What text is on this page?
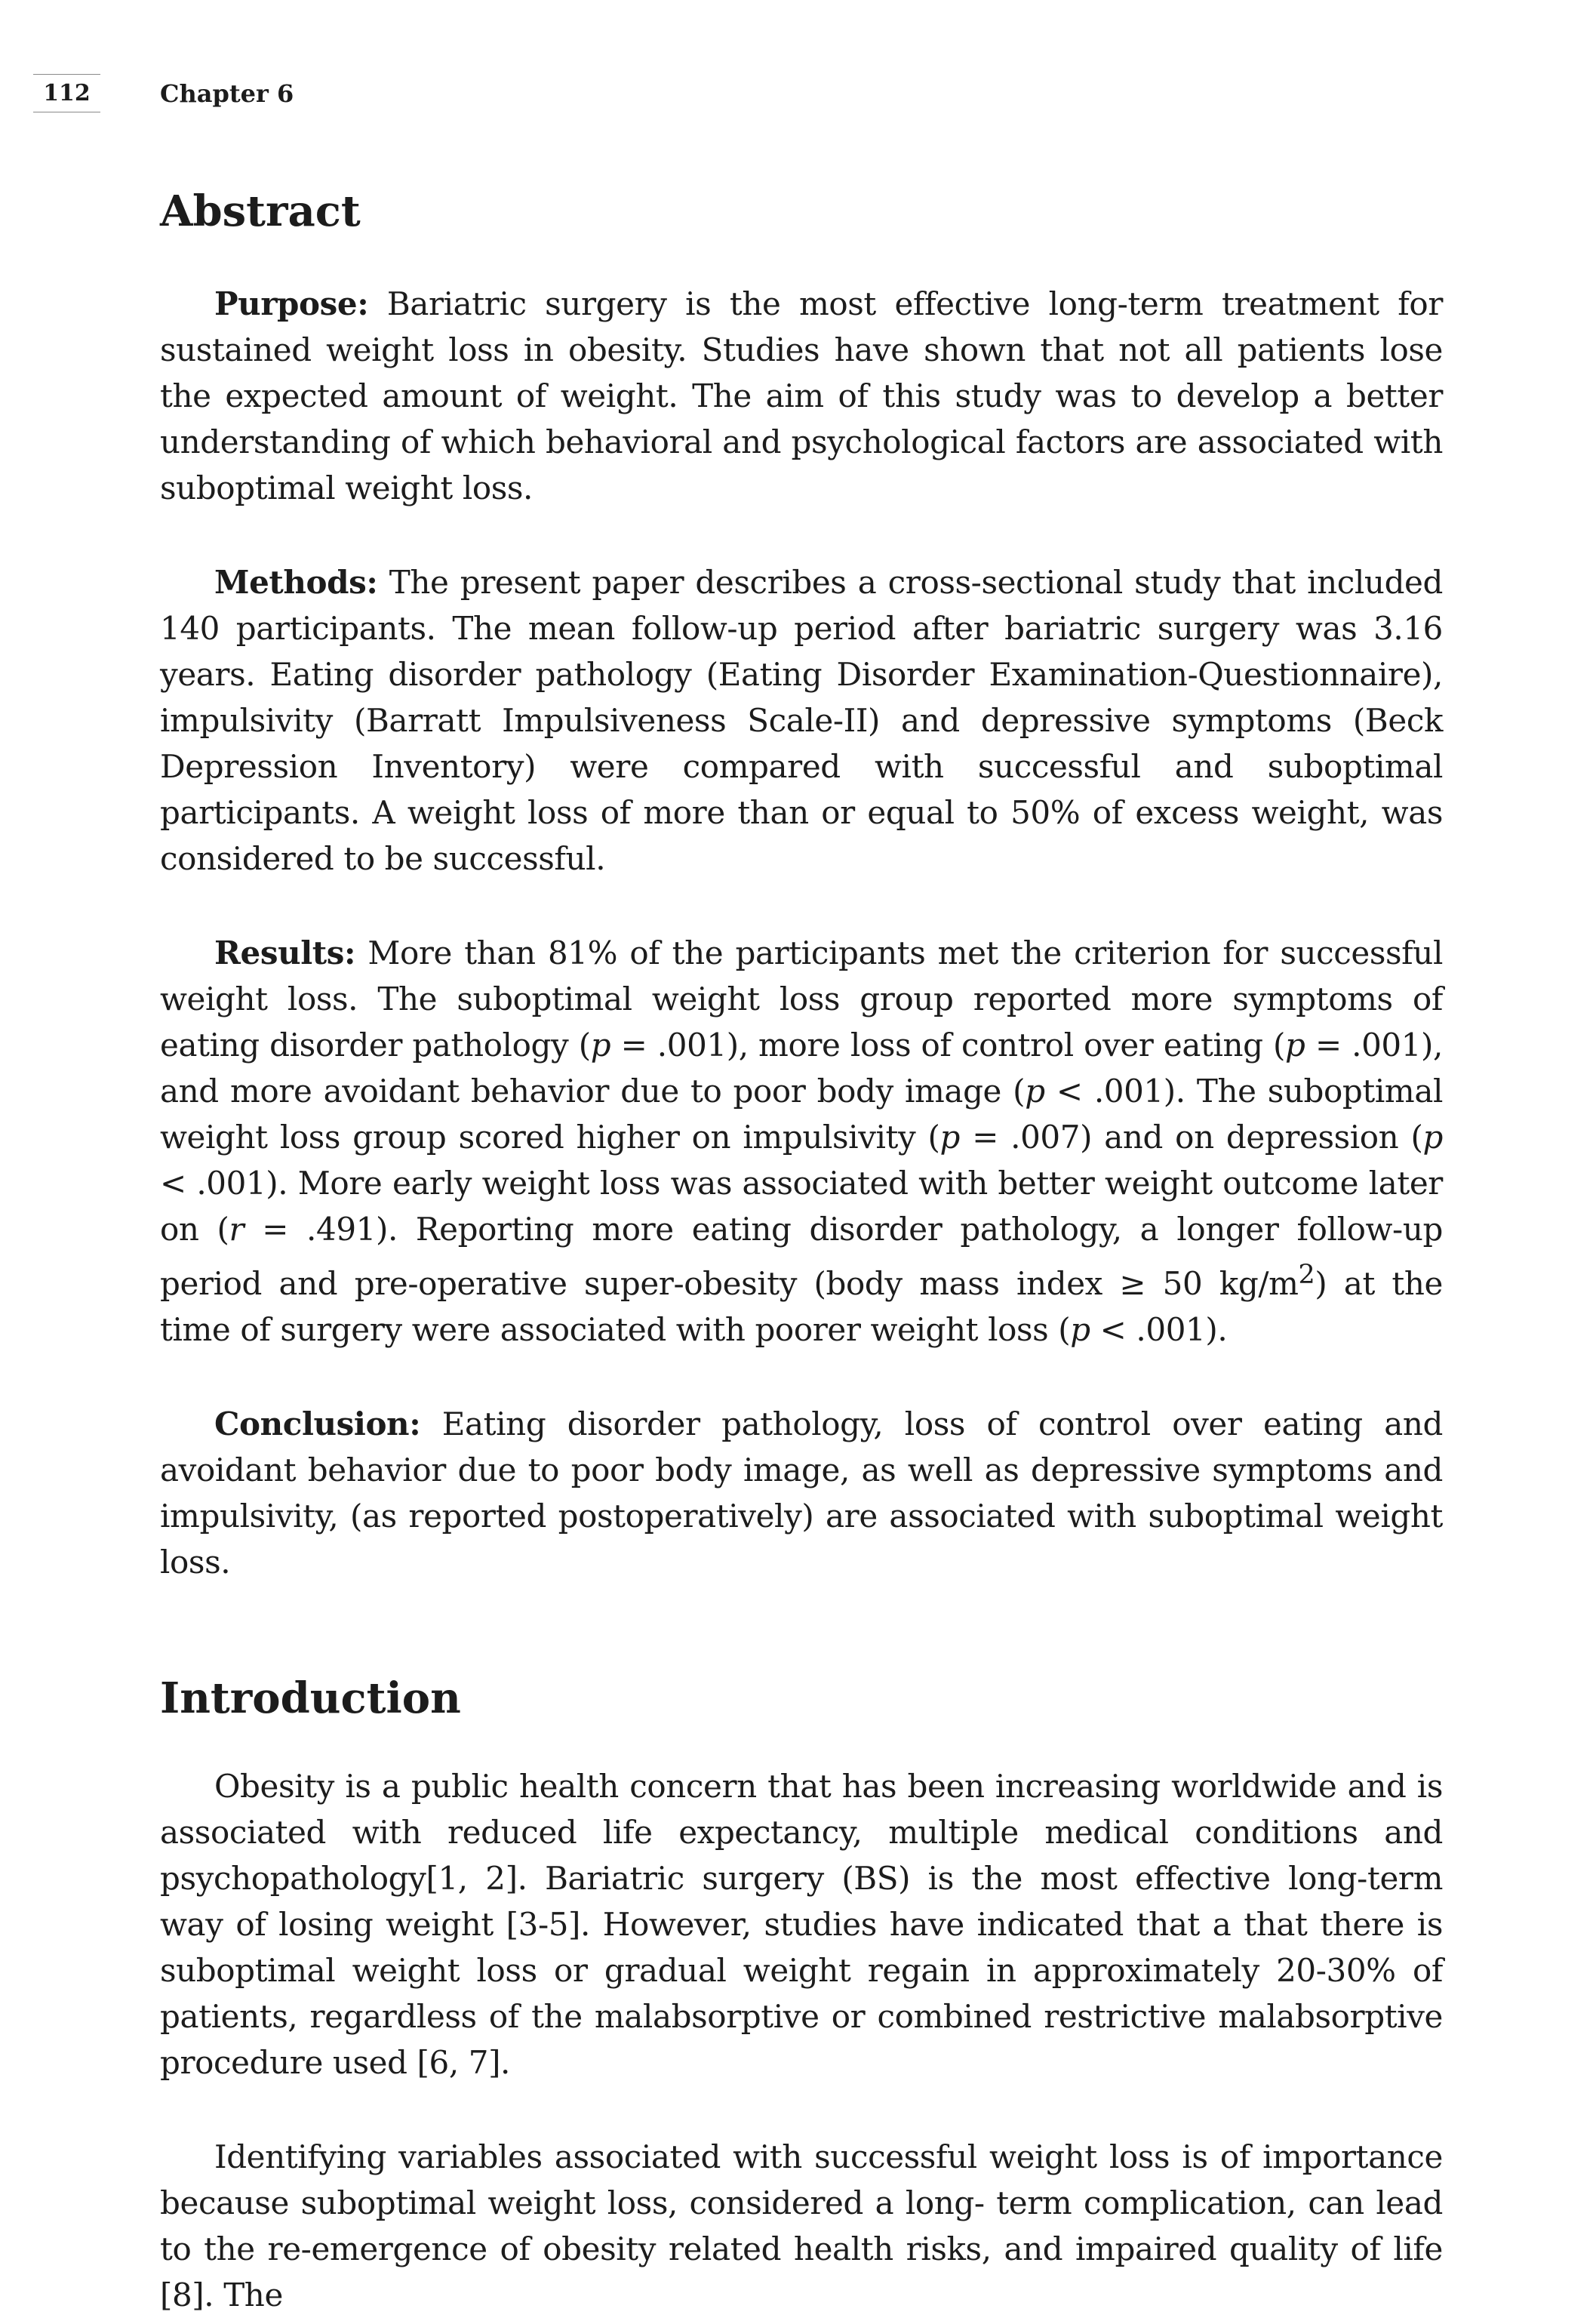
112	Chapter 6
Abstract

Purpose: Bariatric surgery is the most effective long-term treatment for sustained weight loss in obesity. Studies have shown that not all patients lose the expected amount of weight. The aim of this study was to develop a better understanding of which behavioral and psychological factors are associated with suboptimal weight loss.

Methods: The present paper describes a cross-sectional study that included 140 participants. The mean follow-up period after bariatric surgery was 3.16 years. Eating disorder pathology (Eating Disorder Examination-Questionnaire), impulsivity (Barratt Impulsiveness Scale-II) and depressive symptoms (Beck Depression Inventory) were compared with successful and suboptimal participants. A weight loss of more than or equal to 50% of excess weight, was considered to be successful.

Results: More than 81% of the participants met the criterion for successful weight loss. The suboptimal weight loss group reported more symptoms of eating disorder pathology (p = .001), more loss of control over eating (p = .001), and more avoidant behavior due to poor body image (p < .001). The suboptimal weight loss group scored higher on impulsivity (p = .007) and on depression (p < .001). More early weight loss was associated with better weight outcome later on (r = .491). Reporting more eating disorder pathology, a longer follow-up period and pre-operative super-obesity (body mass index ≥ 50 $kg/m^2$) at the time of surgery were associated with poorer weight loss (p < .001).

Conclusion: Eating disorder pathology, loss of control over eating and avoidant behavior due to poor body image, as well as depressive symptoms and impulsivity, (as reported postoperatively) are associated with suboptimal weight loss.

Introduction

Obesity is a public health concern that has been increasing worldwide and is associated with reduced life expectancy, multiple medical conditions and psychopathology[1, 2]. Bariatric surgery (BS) is the most effective long-term way of losing weight [3-5]. However, studies have indicated that a that there is suboptimal weight loss or gradual weight regain in approximately 20-30% of patients, regardless of the malabsorptive or combined restrictive malabsorptive procedure used [6, 7].

Identifying variables associated with successful weight loss is of importance because suboptimal weight loss, considered a long- term complication, can lead to the re-emergence of obesity related health risks, and impaired quality of life [8]. The
